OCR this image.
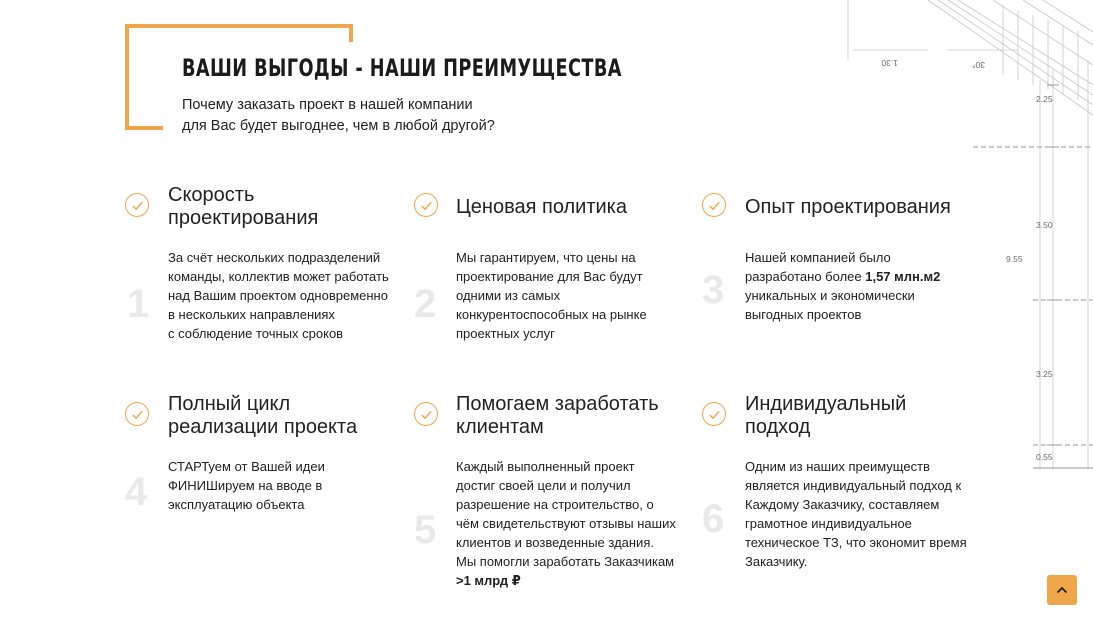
2.25
3.50
9.55
3.25
0.55
1.30	30°
ВАШИ ВЫГОДЫ - НАШИ ПРЕИМУЩЕСТВА
Почему заказать проект в нашей компании
для Вас будет выгоднее, чем в любой другой?
Скорость
проектирования
1
За счёт нескольких подразделений
команды, коллектив может работать
над Вашим проектом одновременно
в нескольких направлениях
с соблюдение точных сроков
Ценовая политика
2
Мы гарантируем, что цены на
проектирование для Вас будут
одними из самых
конкурентоспособных на рынке
проектных услуг
Опыт проектирования
3
Нашей компанией было
разработано более 1,57 млн.м2
уникальных и экономически
выгодных проектов
Полный цикл
реализации проекта
4
СТАРТуем от Вашей идеи
ФИНИШируем на вводе в
эксплуатацию объекта
Помогаем заработать
клиентам
5
Каждый выполненный проект
достиг своей цели и получил
разрешение на строительство, о
чём свидетельствуют отзывы наших
клиентов и возведенные здания.
Мы помогли заработать Заказчикам
>1 млрд ₽
Индивидуальный
подход
6
Одним из наших преимуществ
является индивидуальный подход к
Каждому Заказчику, составляем
грамотное индивидуальное
техническое ТЗ, что экономит время
Заказчику.
